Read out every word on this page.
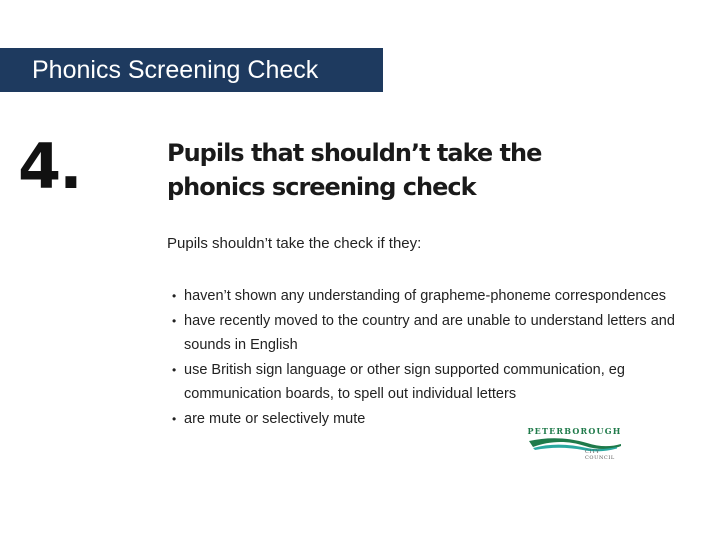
Phonics Screening Check
4.	Pupils that shouldn’t take the phonics screening check
Pupils shouldn’t take the check if they:
• haven’t shown any understanding of grapheme-phoneme correspondences
• have recently moved to the country and are unable to understand letters and sounds in English
• use British sign language or other sign supported communication, eg communication boards, to spell out individual letters
• are mute or selectively mute
PETERBOROUGH
CITY COUNCIL
